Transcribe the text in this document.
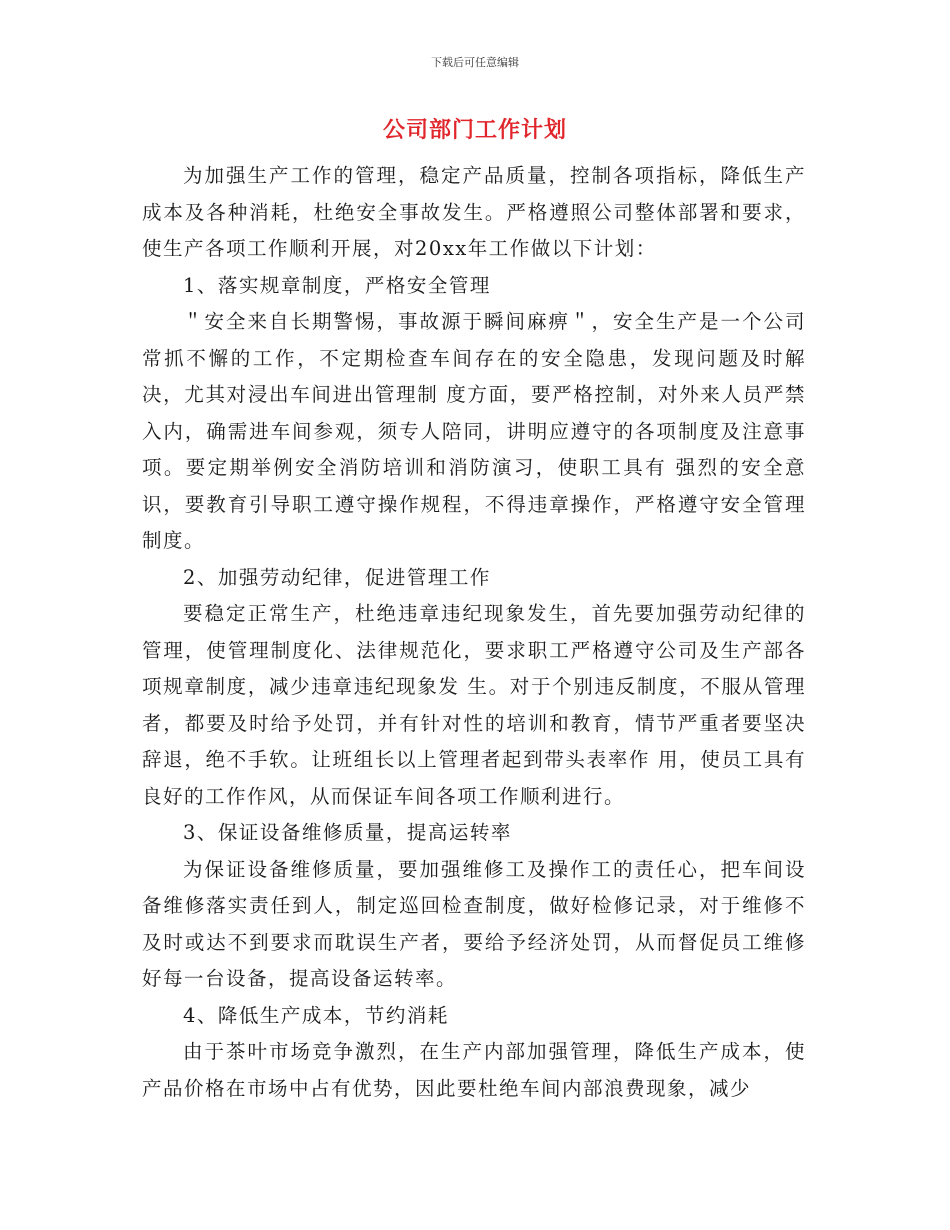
下载后可任意编辑
公司部门工作计划

为加强生产工作的管理，稳定产品质量，控制各项指标，降低生产成本及各种消耗，杜绝安全事故发生。严格遵照公司整体部署和要求，使生产各项工作顺利开展，对20xx年工作做以下计划：

1、落实规章制度，严格安全管理

＂安全来自长期警惕，事故源于瞬间麻痹＂，安全生产是一个公司常抓不懈的工作，不定期检查车间存在的安全隐患，发现问题及时解决，尤其对浸出车间进出管理制 度方面，要严格控制，对外来人员严禁入内，确需进车间参观，须专人陪同，讲明应遵守的各项制度及注意事项。要定期举例安全消防培训和消防演习，使职工具有 强烈的安全意识，要教育引导职工遵守操作规程，不得违章操作，严格遵守安全管理制度。

2、加强劳动纪律，促进管理工作

要稳定正常生产，杜绝违章违纪现象发生，首先要加强劳动纪律的管理，使管理制度化、法律规范化，要求职工严格遵守公司及生产部各项规章制度，减少违章违纪现象发 生。对于个别违反制度，不服从管理者，都要及时给予处罚，并有针对性的培训和教育，情节严重者要坚决辞退，绝不手软。让班组长以上管理者起到带头表率作 用，使员工具有良好的工作作风，从而保证车间各项工作顺利进行。

3、保证设备维修质量，提高运转率

为保证设备维修质量，要加强维修工及操作工的责任心，把车间设备维修落实责任到人，制定巡回检查制度，做好检修记录，对于维修不及时或达不到要求而耽误生产者，要给予经济处罚，从而督促员工维修好每一台设备，提高设备运转率。

4、降低生产成本，节约消耗

由于茶叶市场竞争激烈，在生产内部加强管理，降低生产成本，使产品价格在市场中占有优势，因此要杜绝车间内部浪费现象，减少
